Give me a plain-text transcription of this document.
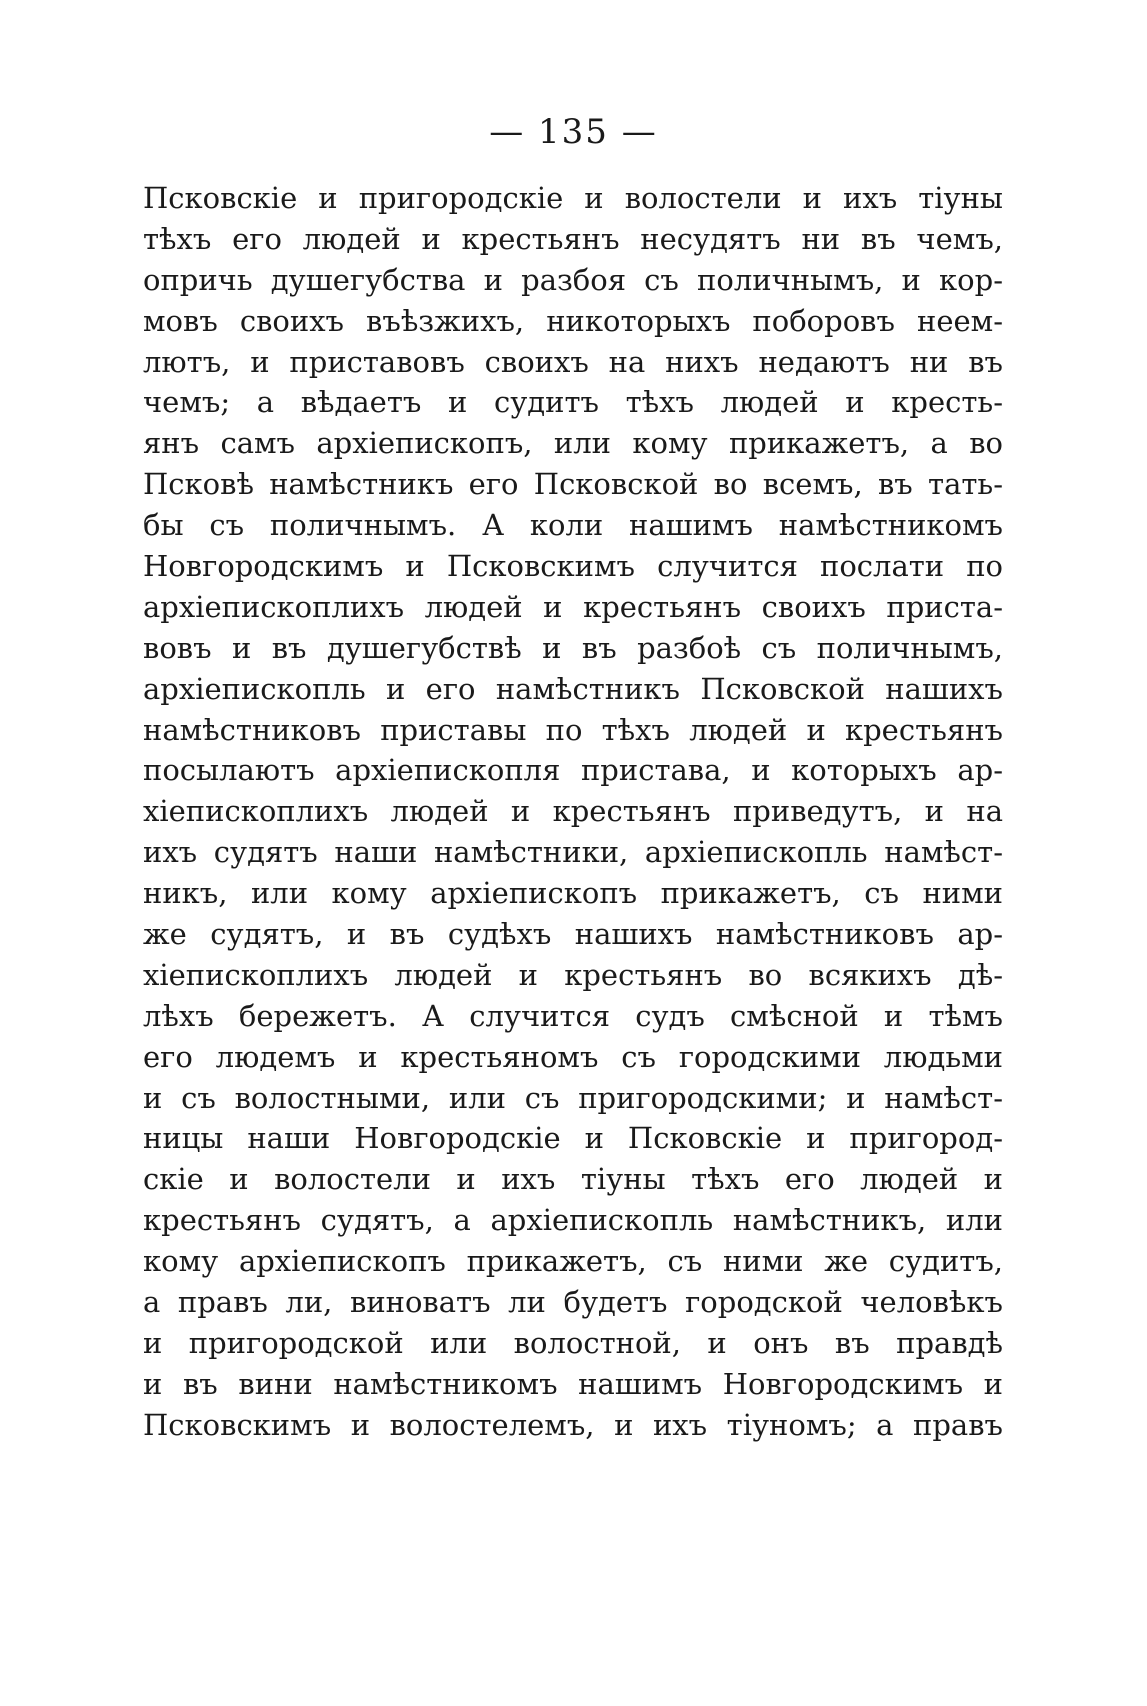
— 135 —
Псковскіе и пригородскіе и волостели и ихъ тіуны
тѣхъ его людей и крестьянъ несудятъ ни въ чемъ,
опричь душегубства и разбоя съ поличнымъ, и кор-
мовъ своихъ въѣзжихъ, никоторыхъ поборовъ неем-
лютъ, и приставовъ своихъ на нихъ недаютъ ни въ
чемъ; а вѣдаетъ и судитъ тѣхъ людей и кресть-
янъ самъ архіепископъ, или кому прикажетъ, а во
Псковѣ намѣстникъ его Псковской во всемъ, въ тать-
бы съ поличнымъ. А коли нашимъ намѣстникомъ
Новгородскимъ и Псковскимъ случится послати по
архіепископлихъ людей и крестьянъ своихъ приста-
вовъ и въ душегубствѣ и въ разбоѣ съ поличнымъ,
архіепископль и его намѣстникъ Псковской нашихъ
намѣстниковъ приставы по тѣхъ людей и крестьянъ
посылаютъ архіепископля пристава, и которыхъ ар-
хіепископлихъ людей и крестьянъ приведутъ, и на
ихъ судятъ наши намѣстники, архіепископль намѣст-
никъ, или кому архіепископъ прикажетъ, съ ними
же судятъ, и въ судѣхъ нашихъ намѣстниковъ ар-
хіепископлихъ людей и крестьянъ во всякихъ дѣ-
лѣхъ бережетъ. А случится судъ смѣсной и тѣмъ
его людемъ и крестьяномъ съ городскими людьми
и съ волостными, или съ пригородскими; и намѣст-
ницы наши Новгородскіе и Псковскіе и пригород-
скіе и волостели и ихъ тіуны тѣхъ его людей и
крестьянъ судятъ, а архіепископль намѣстникъ, или
кому архіепископъ прикажетъ, съ ними же судитъ,
а правъ ли, виноватъ ли будетъ городской человѣкъ
и пригородской или волостной, и онъ въ правдѣ
и въ вини намѣстникомъ нашимъ Новгородскимъ и
Псковскимъ и волостелемъ, и ихъ тіуномъ; а правъ
